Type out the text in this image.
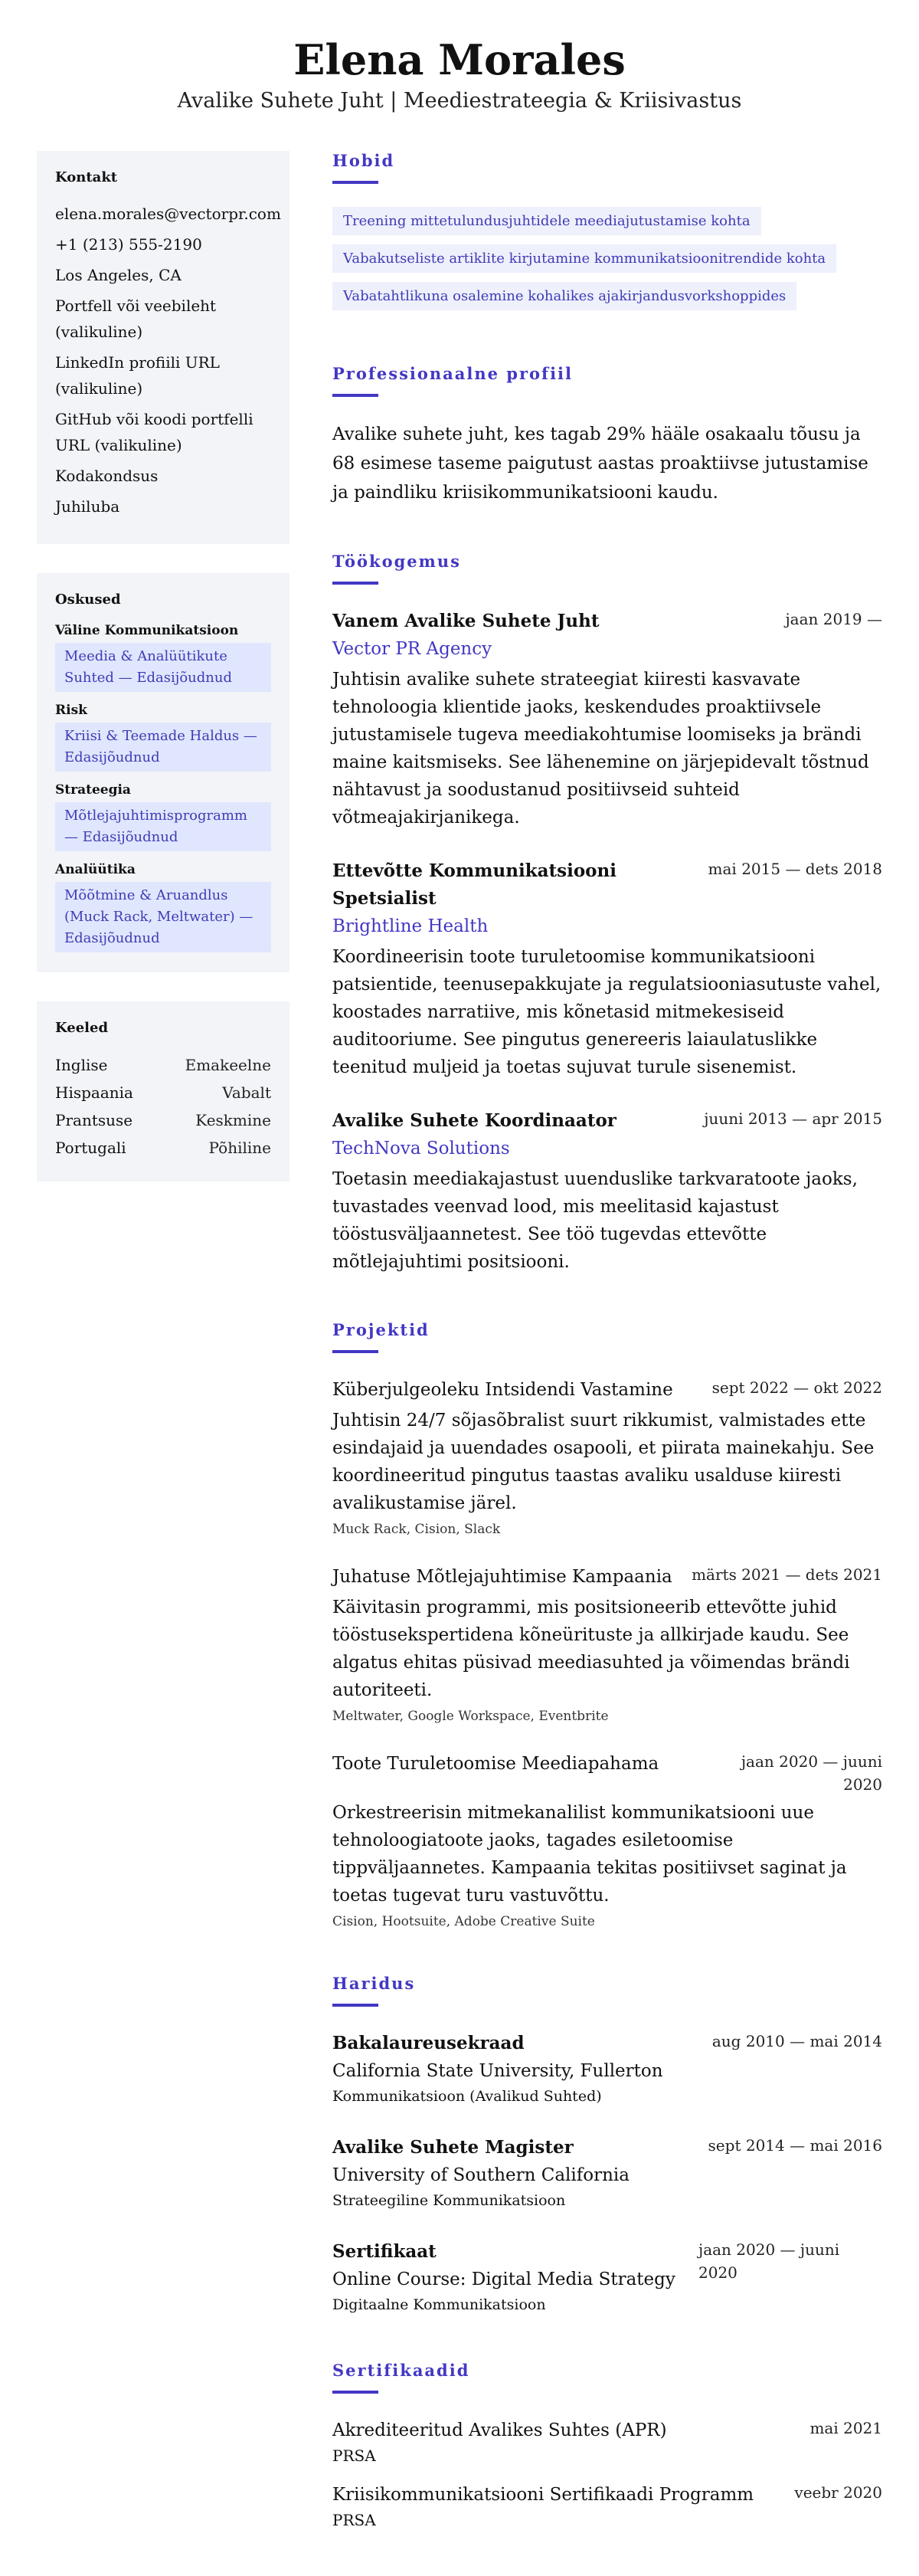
Elena Morales
Avalike Suhete Juht | Meediestrateegia & Kriisivastus
Kontakt
elena.morales@vectorpr.com
+1 (213) 555-2190
Los Angeles, CA
Portfell või veebileht (valikuline)
LinkedIn profiili URL (valikuline)
GitHub või koodi portfelli URL (valikuline)
Kodakondsus
Juhiluba
Oskused
Väline Kommunikatsioon
Meedia & Analüütikute Suhted — Edasijõudnud
Risk
Kriisi & Teemade Haldus — Edasijõudnud
Strateegia
Mõtlejajuhtimisprogramm — Edasijõudnud
Analüütika
Mõõtmine & Aruandlus (Muck Rack, Meltwater) — Edasijõudnud
Keeled
Inglise	Emakeelne
Hispaania	Vabalt
Prantsuse	Keskmine
Portugali	Põhiline
Hobid
Treening mittetulundusjuhtidele meediajutustamise kohta
Vabakutseliste artiklite kirjutamine kommunikatsioonitrendide kohta
Vabatahtlikuna osalemine kohalikes ajakirjandusvorkshoppides
Professionaalne profiil

Avalike suhete juht, kes tagab 29% hääle osakaalu tõusu ja 68 esimese taseme paigutust aastas proaktiivse jutustamise ja paindliku kriisikommunikatsiooni kaudu.

Töökogemus
Vanem Avalike Suhete Juht	jaan 2019 —
Vector PR Agency

Juhtisin avalike suhete strateegiat kiiresti kasvavate tehnoloogia klientide jaoks, keskendudes proaktiivsele jutustamisele tugeva meediakohtumise loomiseks ja brändi maine kaitsmiseks. See lähenemine on järjepidevalt tõstnud nähtavust ja soodustanud positiivseid suhteid võtmeajakirjanikega.

Ettevõtte Kommunikatsiooni Spetsialist
mai 2015 — dets 2018
Brightline Health

Koordineerisin toote turuletoomise kommunikatsiooni patsientide, teenusepakkujate ja regulatsiooniasutuste vahel, koostades narratiive, mis kõnetasid mitmekesiseid auditooriume. See pingutus genereeris laiaulatuslikke teenitud muljeid ja toetas sujuvat turule sisenemist.

Avalike Suhete Koordinaator	juuni 2013 — apr 2015
TechNova Solutions

Toetasin meediakajastust uuenduslike tarkvaratoote jaoks, tuvastades veenvad lood, mis meelitasid kajastust tööstusväljaannetest. See töö tugevdas ettevõtte mõtlejajuhtimi positsiooni.

Projektid
Küberjulgeoleku Intsidendi Vastamine	sept 2022 — okt 2022

Juhtisin 24/7 sõjasõbralist suurt rikkumist, valmistades ette esindajaid ja uuendades osapooli, et piirata mainekahju. See koordineeritud pingutus taastas avaliku usalduse kiiresti avalikustamise järel.

Muck Rack, Cision, Slack
Juhatuse Mõtlejajuhtimise Kampaania märts 2021 — dets 2021

Käivitasin programmi, mis positsioneerib ettevõtte juhid tööstusekspertidena kõneürituste ja allkirjade kaudu. See algatus ehitas püsivad meediasuhted ja võimendas brändi autoriteeti.

Meltwater, Google Workspace, Eventbrite
Toote Turuletoomise Meediapahama	jaan 2020 — juuni 2020

Orkestreerisin mitmekanalilist kommunikatsiooni uue tehnoloogiatoote jaoks, tagades esiletoomise tippväljaannetes. Kampaania tekitas positiivset saginat ja toetas tugevat turu vastuvõttu.

Cision, Hootsuite, Adobe Creative Suite
Haridus
Bakalaureusekraad
California State University, Fullerton
Kommunikatsioon (Avalikud Suhted)
aug 2010 — mai 2014
Avalike Suhete Magister
University of Southern California
Strateegiline Kommunikatsioon
sept 2014 — mai 2016
Sertifikaat
Online Course: Digital Media Strategy
Digitaalne Kommunikatsioon
jaan 2020 — juuni 2020
Sertifikaadid
Akrediteeritud Avalikes Suhtes (APR)	mai 2021
PRSA
Kriisikommunikatsiooni Sertifikaadi Programm	veebr 2020
PRSA
